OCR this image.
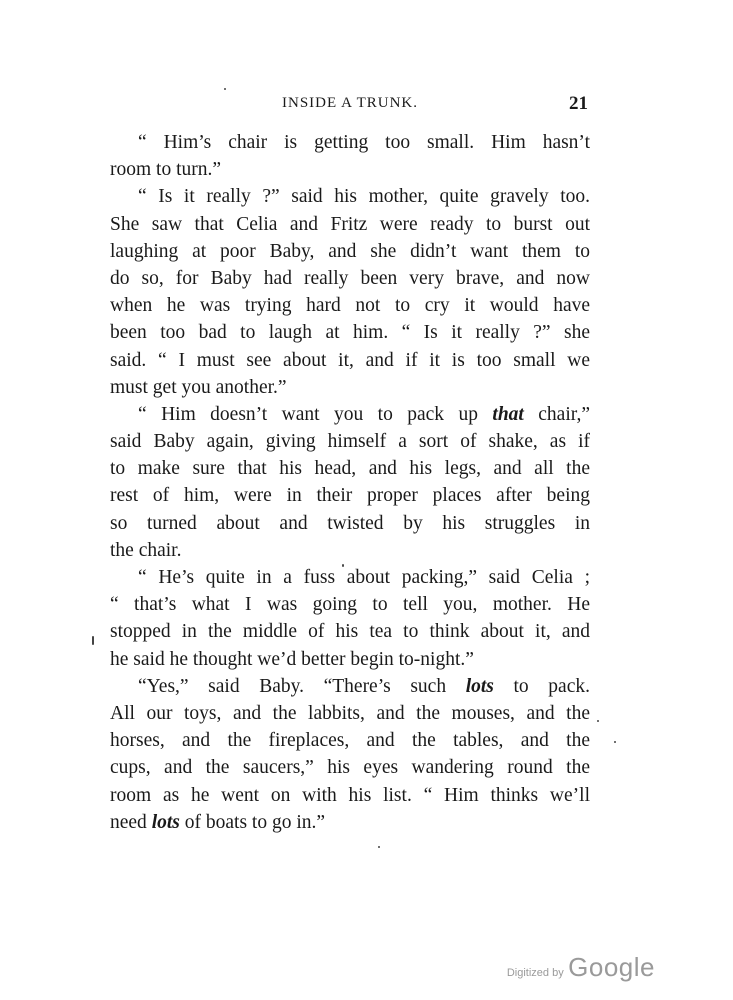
INSIDE A TRUNK.	21
“ Him’s chair is getting too small. Him hasn’t
room to turn.”
“ Is it really ?” said his mother, quite gravely too.
She saw that Celia and Fritz were ready to burst out
laughing at poor Baby, and she didn’t want them to
do so, for Baby had really been very brave, and now
when he was trying hard not to cry it would have
been too bad to laugh at him. “ Is it really ?” she
said. “ I must see about it, and if it is too small we
must get you another.”
“ Him doesn’t want you to pack up that chair,”
said Baby again, giving himself a sort of shake, as if
to make sure that his head, and his legs, and all the
rest of him, were in their proper places after being
so turned about and twisted by his struggles in
the chair.
“ He’s quite in a fuss about packing,” said Celia ;
“ that’s what I was going to tell you, mother. He
stopped in the middle of his tea to think about it, and
he said he thought we’d better begin to-night.”
“Yes,” said Baby. “There’s such lots to pack.
All our toys, and the labbits, and the mouses, and the
horses, and the fireplaces, and the tables, and the
cups, and the saucers,” his eyes wandering round the
room as he went on with his list. “ Him thinks we’ll
need lots of boats to go in.”
Digitized by Google
